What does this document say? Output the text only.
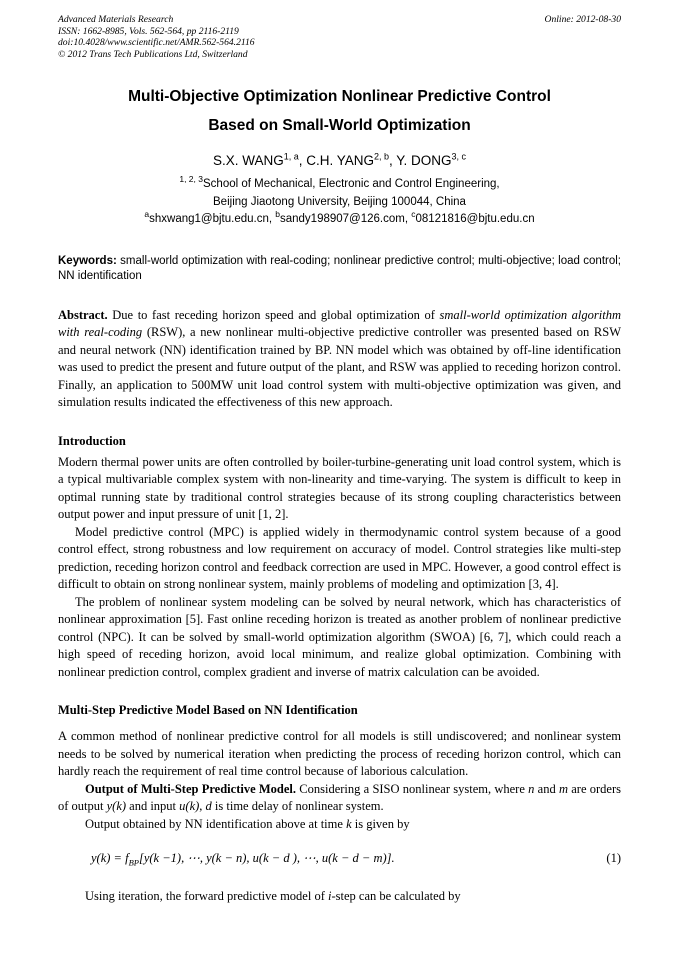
Advanced Materials Research
ISSN: 1662-8985, Vols. 562-564, pp 2116-2119
doi:10.4028/www.scientific.net/AMR.562-564.2116
© 2012 Trans Tech Publications Ltd, Switzerland
Online: 2012-08-30
Multi-Objective Optimization Nonlinear Predictive Control
Based on Small-World Optimization
S.X. WANG$^{1, a}$, C.H. YANG$^{2, b}$, Y. DONG$^{3, c}$
$^{1, 2, 3}$School of Mechanical, Electronic and Control Engineering,
Beijing Jiaotong University, Beijing 100044, China
$^a$shxwang1@bjtu.edu.cn, $^b$sandy198907@126.com, $^c$08121816@bjtu.edu.cn

Keywords: small-world optimization with real-coding; nonlinear predictive control; multi-objective; load control; NN identification

Abstract. Due to fast receding horizon speed and global optimization of small-world optimization algorithm with real-coding (RSW), a new nonlinear multi-objective predictive controller was presented based on RSW and neural network (NN) identification trained by BP. NN model which was obtained by off-line identification was used to predict the present and future output of the plant, and RSW was applied to receding horizon control. Finally, an application to 500MW unit load control system with multi-objective optimization was given, and simulation results indicated the effectiveness of this new approach.

Introduction

Modern thermal power units are often controlled by boiler-turbine-generating unit load control system, which is a typical multivariable complex system with non-linearity and time-varying. The system is difficult to keep in optimal running state by traditional control strategies because of its strong coupling characteristics between output power and input pressure of unit [1, 2].

Model predictive control (MPC) is applied widely in thermodynamic control system because of a good control effect, strong robustness and low requirement on accuracy of model. Control strategies like multi-step prediction, receding horizon control and feedback correction are used in MPC. However, a good control effect is difficult to obtain on strong nonlinear system, mainly problems of modeling and optimization [3, 4].

The problem of nonlinear system modeling can be solved by neural network, which has characteristics of nonlinear approximation [5]. Fast online receding horizon is treated as another problem of nonlinear predictive control (NPC). It can be solved by small-world optimization algorithm (SWOA) [6, 7], which could reach a high speed of receding horizon, avoid local minimum, and realize global optimization. Combining with nonlinear prediction control, complex gradient and inverse of matrix calculation can be avoided.

Multi-Step Predictive Model Based on NN Identification

A common method of nonlinear predictive control for all models is still undiscovered; and nonlinear system needs to be solved by numerical iteration when predicting the process of receding horizon control, which can hardly reach the requirement of real time control because of laborious calculation.

Output of Multi-Step Predictive Model. Considering a SISO nonlinear system, where n and m are orders of output y(k) and input u(k), d is time delay of nonlinear system.

Output obtained by NN identification above at time k is given by

$y(k) = f_{BP}[y(k -1)$, ⋯, y(k − n), u(k − d ), ⋯, u(k − d − m)].	(1)

Using iteration, the forward predictive model of i-step can be calculated by
